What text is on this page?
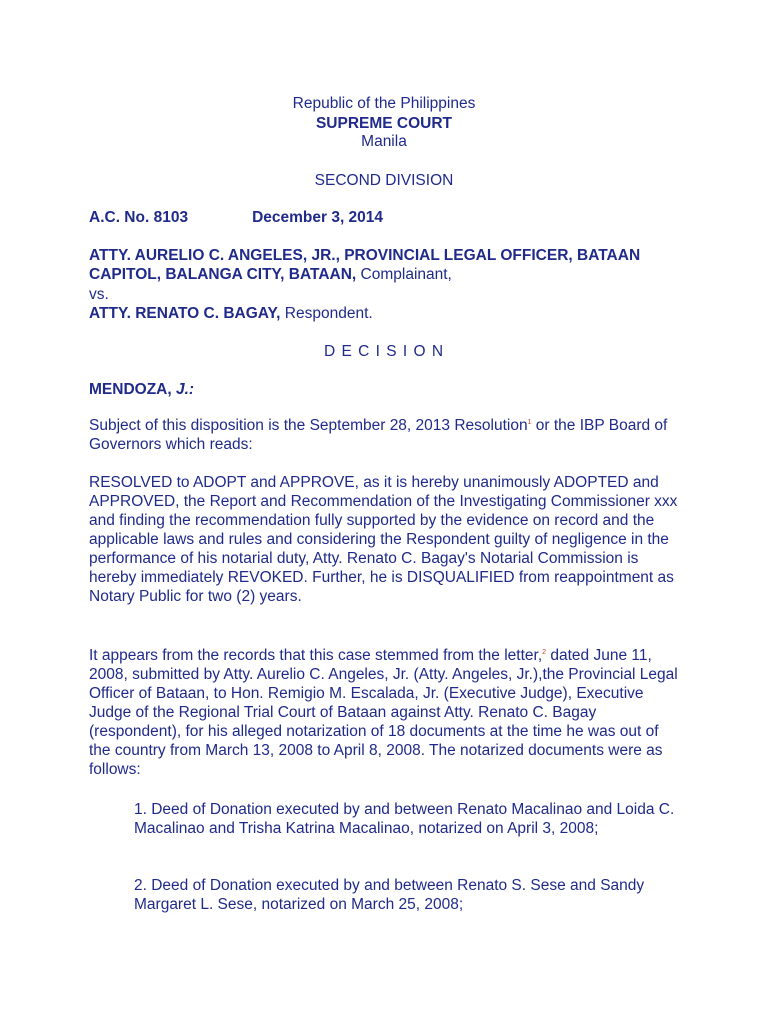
Republic of the Philippines

SUPREME COURT

Manila

SECOND DIVISION

A.C. No. 8103	December 3, 2014

ATTY. AURELIO C. ANGELES, JR., PROVINCIAL LEGAL OFFICER, BATAAN CAPITOL, BALANGA CITY, BATAAN, Complainant,

vs.

ATTY. RENATO C. BAGAY, Respondent.

D E C I S I O N

MENDOZA, J.:

Subject of this disposition is the September 28, 2013 Resolution$^1$ or the IBP Board of Governors which reads:

RESOLVED to ADOPT and APPROVE, as it is hereby unanimously ADOPTED and APPROVED, the Report and Recommendation of the Investigating Commissioner xxx and finding the recommendation fully supported by the evidence on record and the applicable laws and rules and considering the Respondent guilty of negligence in the performance of his notarial duty, Atty. Renato C. Bagay's Notarial Commission is hereby immediately REVOKED. Further, he is DISQUALIFIED from reappointment as Notary Public for two (2) years.

It appears from the records that this case stemmed from the letter,$^2$ dated June 11, 2008, submitted by Atty. Aurelio C. Angeles, Jr. (Atty. Angeles, Jr.),the Provincial Legal Officer of Bataan, to Hon. Remigio M. Escalada, Jr. (Executive Judge), Executive Judge of the Regional Trial Court of Bataan against Atty. Renato C. Bagay (respondent), for his alleged notarization of 18 documents at the time he was out of the country from March 13, 2008 to April 8, 2008. The notarized documents were as follows:

1. Deed of Donation executed by and between Renato Macalinao and Loida C. Macalinao and Trisha Katrina Macalinao, notarized on April 3, 2008;

2. Deed of Donation executed by and between Renato S. Sese and Sandy Margaret L. Sese, notarized on March 25, 2008;
